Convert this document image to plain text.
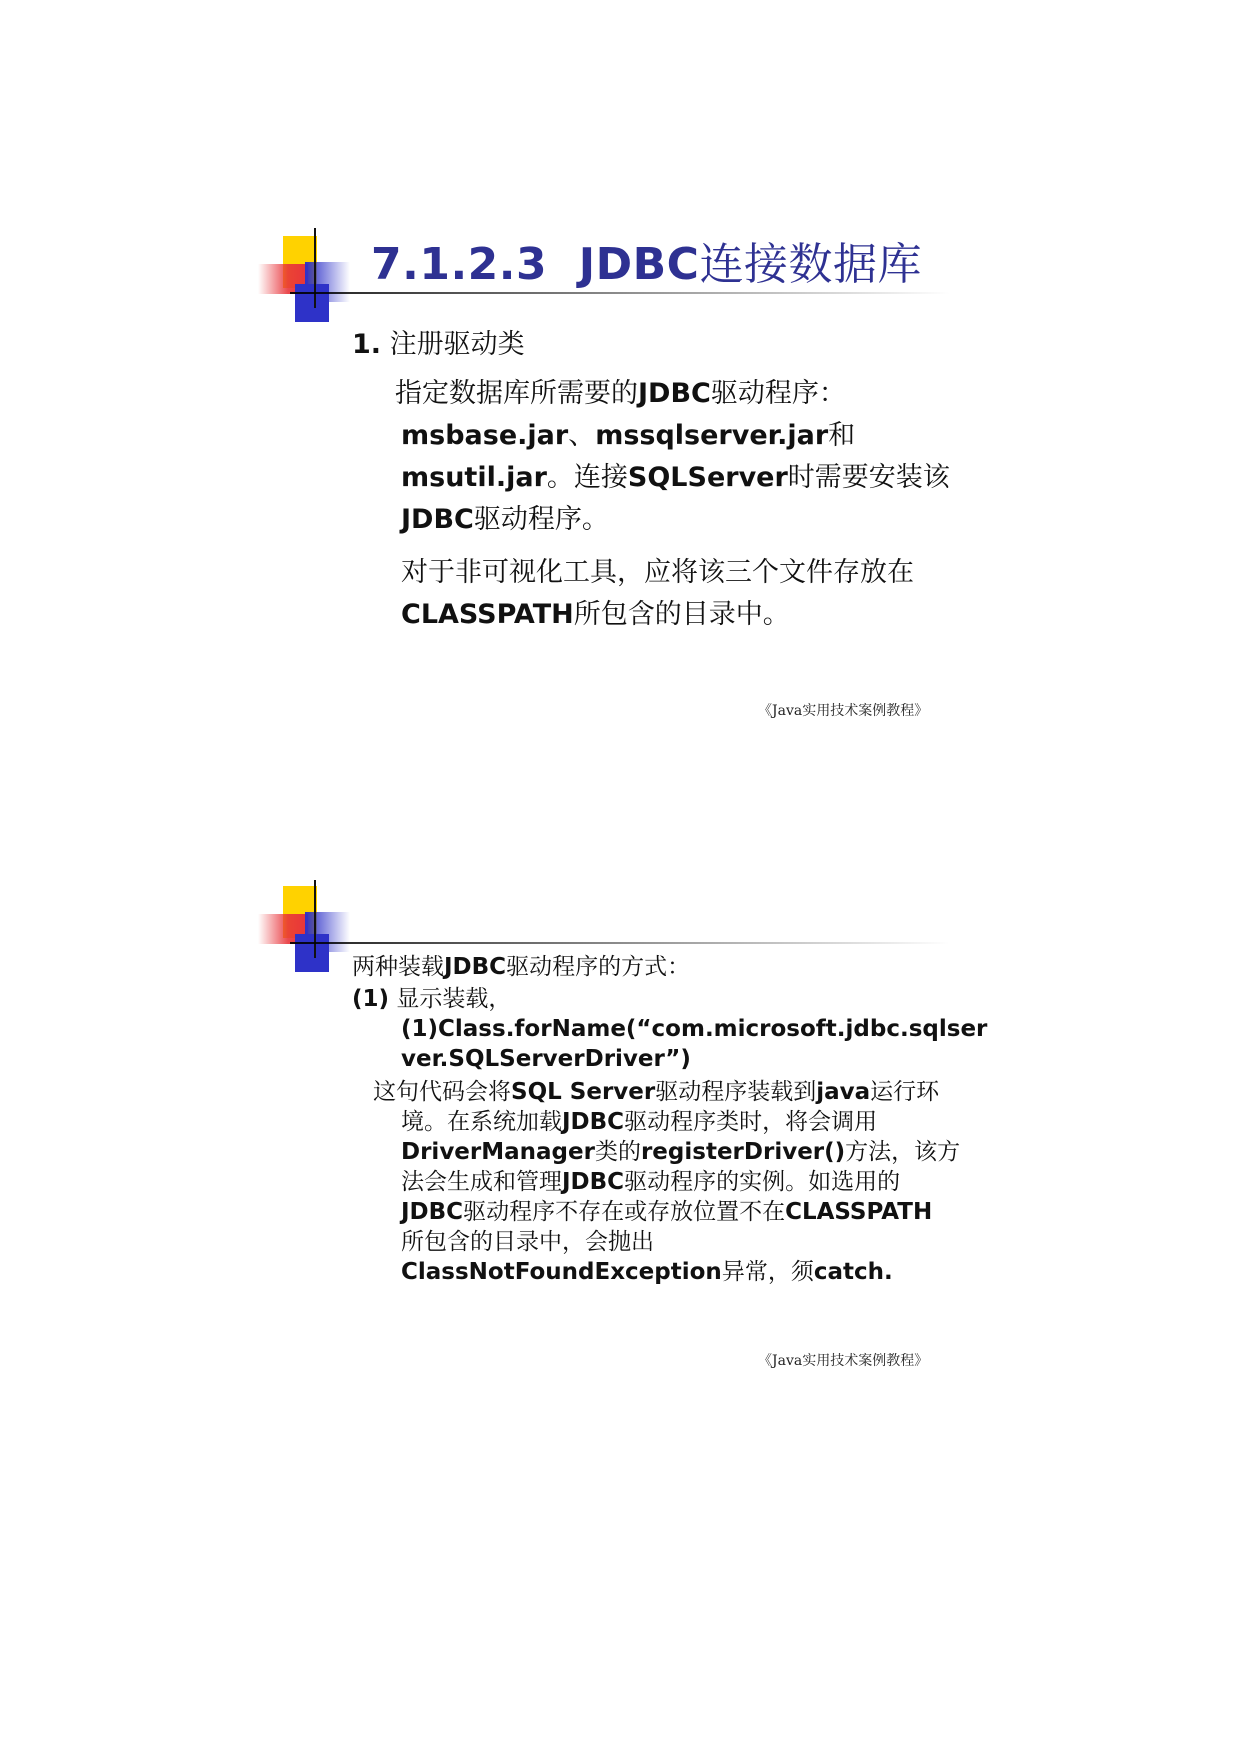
7.1.2.3 JDBC连接数据库
1. 注册驱动类
指定数据库所需要的JDBC驱动程序：
msbase.jar、mssqlserver.jar和
msutil.jar。连接SQLServer时需要安装该
JDBC驱动程序。
对于非可视化工具，应将该三个文件存放在
CLASSPATH所包含的目录中。
《Java实用技术案例教程》
两种装载JDBC驱动程序的方式：
(1) 显示装载，
(1)Class.forName(“com.microsoft.jdbc.sqlser
ver.SQLServerDriver”)
这句代码会将SQL Server驱动程序装载到java运行环
境。在系统加载JDBC驱动程序类时，将会调用
DriverManager类的registerDriver()方法，该方
法会生成和管理JDBC驱动程序的实例。如选用的
JDBC驱动程序不存在或存放位置不在CLASSPATH
所包含的目录中，会抛出
ClassNotFoundException异常，须catch.
《Java实用技术案例教程》
